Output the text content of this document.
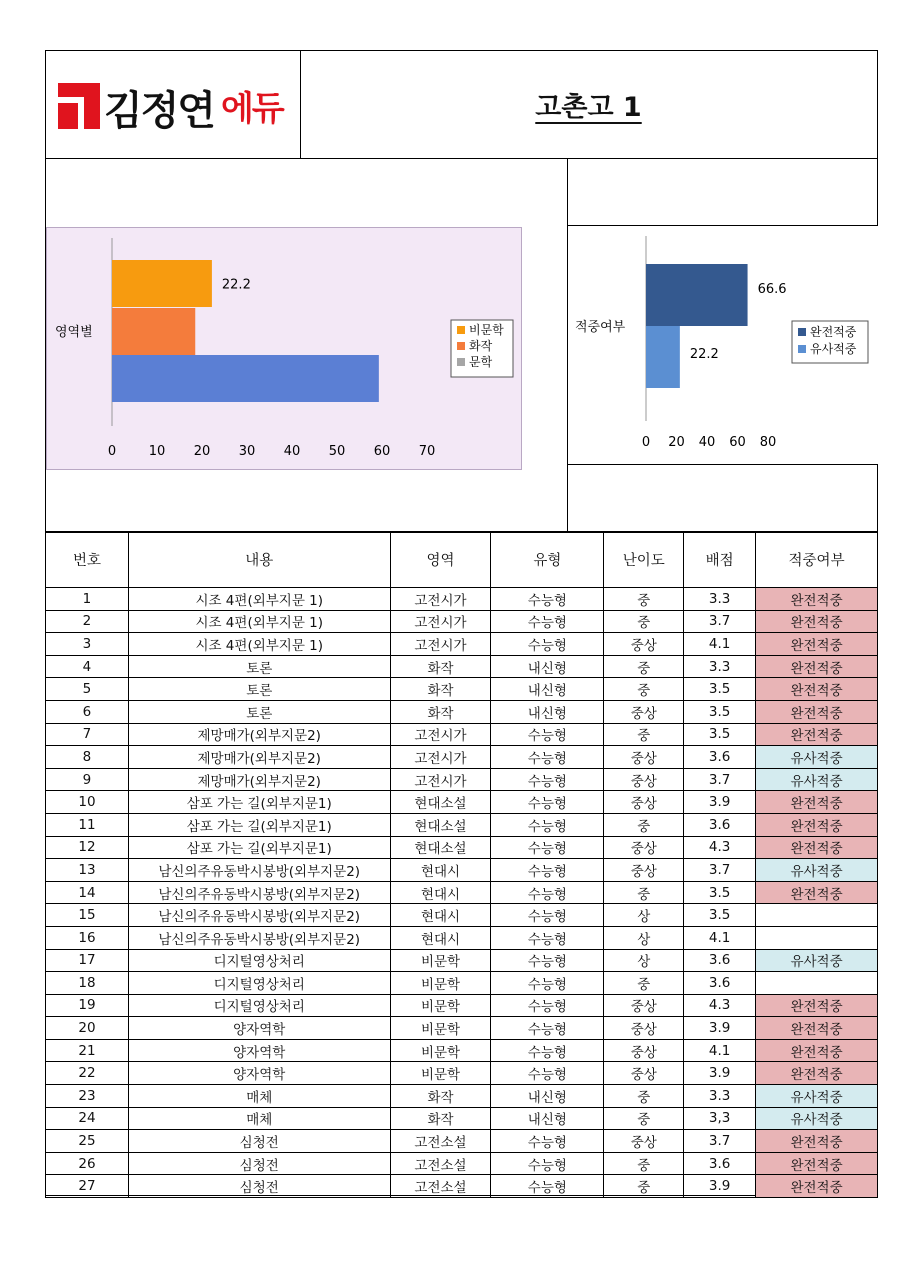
김정연 에듀	고촌고 1
영역별
22.2
0	10 20 30 40 50 60 70
비문학
화작
문학
적중여부
66.6
22.2
0 20 40 60 80
완전적중
유사적중
번호	내용	영역	유형	난이도	배점	적중여부
1	시조 4편(외부지문 1)	고전시가	수능형	중	3.3	완전적중
2	시조 4편(외부지문 1)	고전시가	수능형	중	3.7	완전적중
3	시조 4편(외부지문 1)	고전시가	수능형	중상	4.1	완전적중
4	토론	화작	내신형	중	3.3	완전적중
5	토론	화작	내신형	중	3.5	완전적중
6	토론	화작	내신형	중상	3.5	완전적중
7	제망매가(외부지문2)	고전시가	수능형	중	3.5	완전적중
8	제망매가(외부지문2)	고전시가	수능형	중상	3.6	유사적중
9	제망매가(외부지문2)	고전시가	수능형	중상	3.7	유사적중
10	삼포 가는 길(외부지문1)	현대소설	수능형	중상	3.9	완전적중
11	삼포 가는 길(외부지문1)	현대소설	수능형	중	3.6	완전적중
12	삼포 가는 길(외부지문1)	현대소설	수능형	중상	4.3	완전적중
13	남신의주유동박시봉방(외부지문2)	현대시	수능형	중상	3.7	유사적중
14	남신의주유동박시봉방(외부지문2)	현대시	수능형	중	3.5	완전적중
15	남신의주유동박시봉방(외부지문2)	현대시	수능형	상	3.5	
16	남신의주유동박시봉방(외부지문2)	현대시	수능형	상	4.1	
17	디지털영상처리	비문학	수능형	상	3.6	유사적중
18	디지털영상처리	비문학	수능형	중	3.6	
19	디지털영상처리	비문학	수능형	중상	4.3	완전적중
20	양자역학	비문학	수능형	중상	3.9	완전적중
21	양자역학	비문학	수능형	중상	4.1	완전적중
22	양자역학	비문학	수능형	중상	3.9	완전적중
23	매체	화작	내신형	중	3.3	유사적중
24	매체	화작	내신형	중	3,3	유사적중
25	심청전	고전소설	수능형	중상	3.7	완전적중
26	심청전	고전소설	수능형	중	3.6	완전적중
27	심청전	고전소설	수능형	중	3.9	완전적중
